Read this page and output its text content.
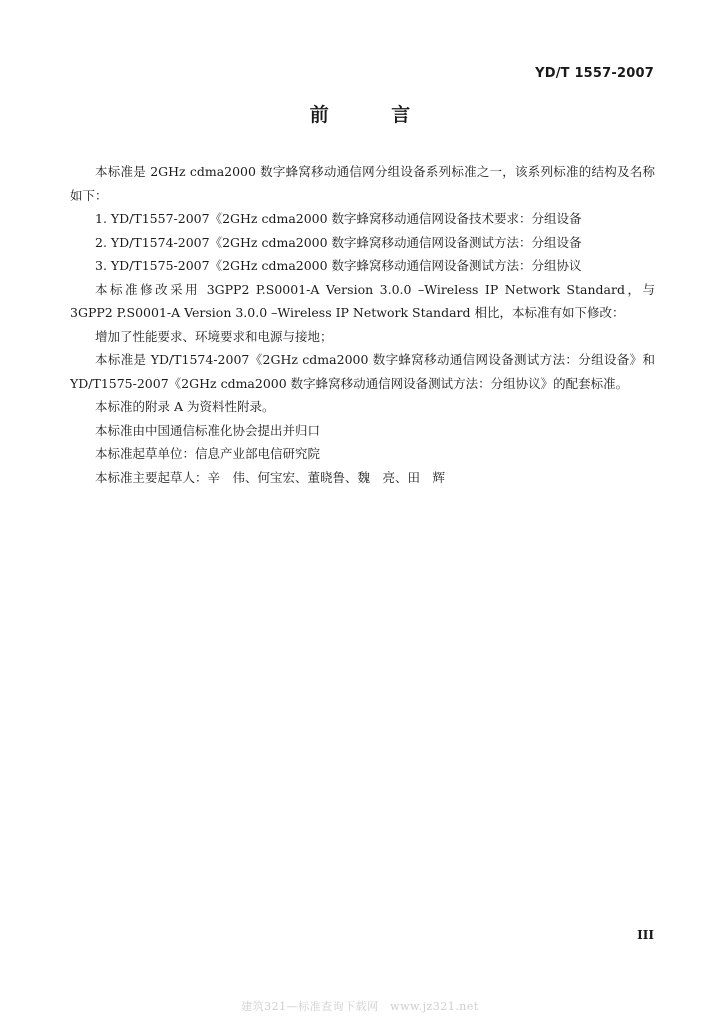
YD/T 1557-2007
前 言

本标准是 2GHz cdma2000 数字蜂窝移动通信网分组设备系列标准之一，该系列标准的结构及名称如下：

1. YD/T1557-2007《2GHz cdma2000 数字蜂窝移动通信网设备技术要求：分组设备

2. YD/T1574-2007《2GHz cdma2000 数字蜂窝移动通信网设备测试方法：分组设备

3. YD/T1575-2007《2GHz cdma2000 数字蜂窝移动通信网设备测试方法：分组协议

本标准修改采用 3GPP2 P.S0001-A Version 3.0.0 –Wireless IP Network Standard，与 3GPP2 P.S0001-A Version 3.0.0 –Wireless IP Network Standard 相比，本标准有如下修改：

增加了性能要求、环境要求和电源与接地；

本标准是 YD/T1574-2007《2GHz cdma2000 数字蜂窝移动通信网设备测试方法：分组设备》和 YD/T1575-2007《2GHz cdma2000 数字蜂窝移动通信网设备测试方法：分组协议》的配套标准。

本标准的附录 A 为资料性附录。

本标准由中国通信标准化协会提出并归口

本标准起草单位：信息产业部电信研究院

本标准主要起草人：辛　伟、何宝宏、董晓鲁、魏　亮、田　辉

III
建筑321—标准查询下载网　www.jz321.net
